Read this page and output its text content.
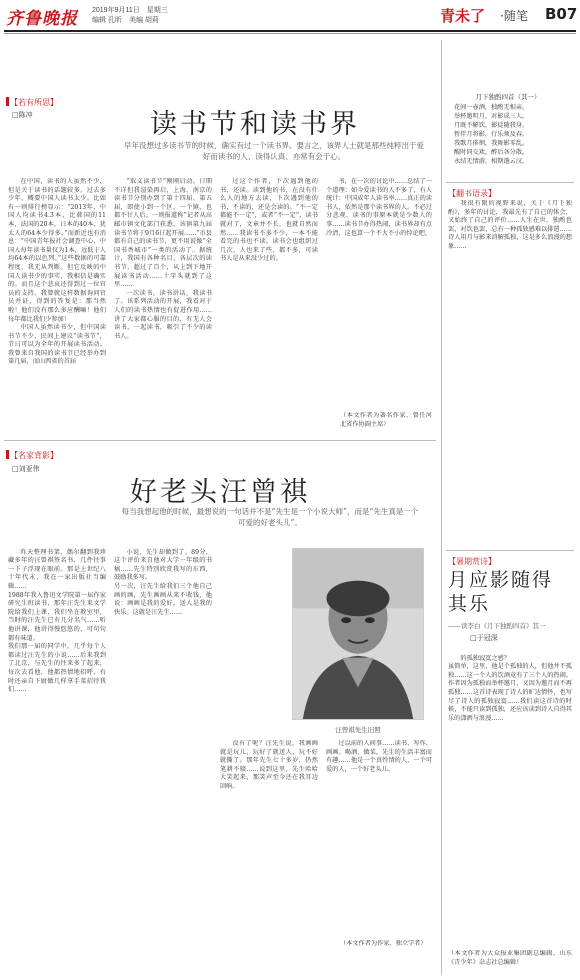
齐鲁晚报 2019年9月11日　星期三
编辑 孔昕　美编 胡莉	青未了 ·随笔 B07
【若有所思】
□陈冲	读书节和读书界
早年没想过多读书节的时候，确实有过一个读书界。要言之，该界人士就是那些纯粹出于爱好而读书的人、读得认真、亦常有会于心。

在中国，读书的人虽然不少，但是关于读书的话题较多，过去多少年，概要中国人读书太少。比如有一则排行榜显示：“2013年，中国人均读书4.3本，比韩国的11本，法国的20本，日本的40本，犹太人的64本少得多。”而新近也有消息：“中国青年报社会调查中心，中国人每年读书量仅为1本，远低于人均64本的以色列。”这些数据的可靠程度，我无从判断。但它反映的中国人读书少的事实，我相信是确实的。而且这个悲哀还得到过一位官员的支持。我曾就这样数据询问官员并证，得到的答复是：那当然啦！他们没有那么多应酬嘛！他们每年都比我们少参加！

中国人虽然读书少，但中国读书节不少，民间上建议“读书节”，节日可以为全年的开展读书活动。我曾来自我国的读书节已经举办到第几届，而山西省的首届

“取义读书节”刚刚启动。日期不详但我渲染再启，上海、南京的读书节分别办到了第十四届、第五届，即使小到一个区，一个镇、也都不甘人后。一则报道称“记者从高邮市镇文化部门获悉，该镇第九届读书节将于9月6日起开展……”市县都有自己的读书节，更不用说像“全国书香城市”一类的活动了。据统计，我国有各种名目、各层次的读书节，超过了百个，从上到下地开展读书活动……十字头就到了这里……

一次读书，读书讲话，我读书了。该系列活动的开展，我看对于人们的读书热情也有促进作用……讲了大家都心服的目的，有无人会读书，一起读书，吸引了不少的读书人。

过这个作者，下次遇到他的书，还读。读到他的书，在没有什么人的地方去读，下次遇到他的书，不读的，还是会读的。“不一定都能不一定”，或者“不一定”，读书就对了，文章并不长，也就自然而然……我读书不多不少，一本不能看完的书也不读。读书会也组织过几次，人也来了些，都不多，可读书人是从来没少过的。

书，在一次的讨论中……总结了一个道理：如今爱读书的人不多了，有人统计：中国成年人读书率……真正的读书人，依然是那个读书界的人。不必过分悲观，读书的事原本就是少数人的事……读书节办得热闹，读书界却有点冷清，这也算一个不大不小的悖论吧。

（本文作者为著名作家，曾任河北省作协副主席）
【名家背影】
□刘亚伟
好老头汪曾祺
每当我想起他的时候，最想说的一句话并不是“先生是一个小说大师”，而是“先生真是一个可爱的好老头儿”。

昨天整理书架，偶尔翻到我珍藏多年的汪曾祺签名书，几件往事一下子浮现在眼前。那是上世纪八十年代末，我在一家出版社当编辑……
1988年我入鲁迅文学院第一届作家研究生班读书，那年汪先生来文学院给我们上课，我们坐在教室里，当时的汪先生已有几分名气……听他讲课，他讲得慢悠悠的，可句句都有味道。
我们那一届的同学中，几乎每个人都读过汪先生的小说……后来我到了北京，与先生的往来多了起来，每次去看他，他都热情地招呼，有时还亲自下厨做几样拿手菜招待我们……

小说，先生却做到了。89分，这个评价来自他对大学一年级的书稿……先生特别欣赏我写的东西，鼓励我多写。
另一次，汪先生给我们三个他自己画的画，先生画画从来不收钱，他说：画画是我的爱好，送人是我的快乐。这就是汪先生……

没有了呢？汪先生说，我画画就是玩儿，玩好了就送人，玩不好就撕了。那年先生七十多岁，仍然笔耕不辍……说到这里，先生哈哈大笑起来，那笑声至今还在我耳边回响。

过以前的人间事……读书、写作、画画、喝酒、做菜，先生的生活丰富而有趣……他是一个真性情的人，一个可爱的人，一个好老头儿。

（本文作者为作家、独立学者）
汪曾祺先生旧照
月下独酌四首（其一）
花间一壶酒，独酌无相亲。
举杯邀明月，对影成三人。
月既不解饮，影徒随我身。
暂伴月将影，行乐须及春。
我歌月徘徊，我舞影零乱。
醒时同交欢，醉后各分散。
永结无情游，相期邈云汉。
【翻书语录】

我很有限的视野来说，关于《月下独酌》，多年的讨论，我最先有了自己的体会，又始终了自己的评价……人生在世，独酌也罢，对饮也罢，总有一种孤独感难以排遣……诗人用月与影来消解孤独，这是多么浪漫的想象……

【暑期赏诗】
月应影随得其乐
——读李白《月下独酌四首》其一
□于冠深

的孤独寂寞之感？
虽简单，这里，他是个孤独的人，但他并不孤独……这一个人的饮酒竟有了三个人的热闹。作者因为孤独而举杯邀月，又因为邀月而不再孤独……这首诗表现了诗人的旷达情怀，也写尽了诗人的孤独寂寞……我们读这首诗的时候，不能只读到孤独，还应该读到诗人自得其乐的潇洒与浪漫……

（本文作者为大众报业集团副总编辑、山东《青少年》杂志社总编辑）
